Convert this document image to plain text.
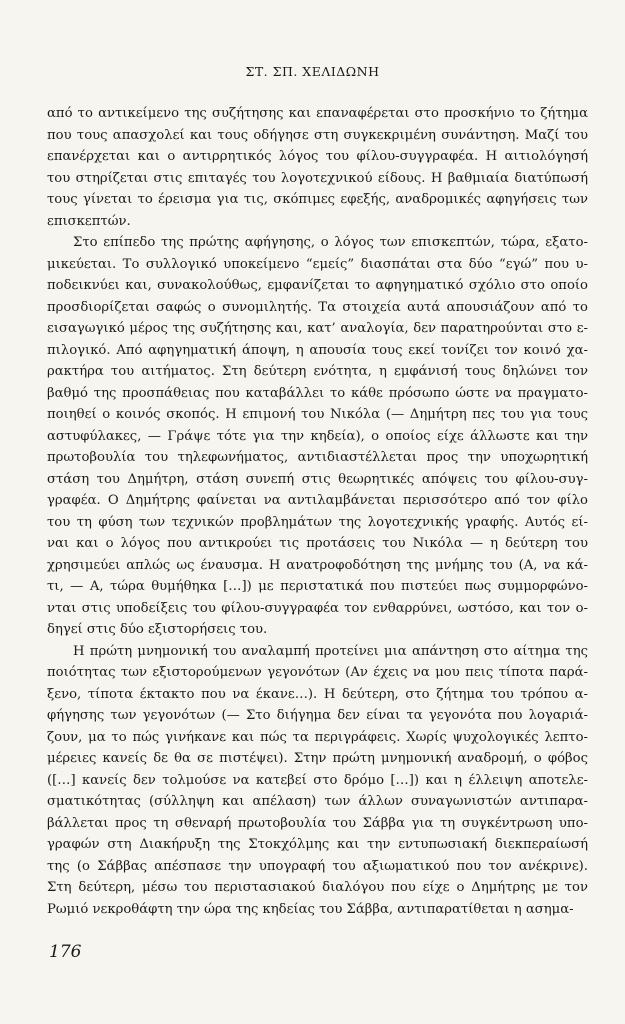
ΣΤ. ΣΠ. ΧΕΛΙΔΩΝΗ
από το αντικείμενο της συζήτησης και επαναφέρεται στο προσκήνιο το ζήτημα
που τους απασχολεί και τους οδήγησε στη συγκεκριμένη συνάντηση. Μαζί του
επανέρχεται και ο αντιρρητικός λόγος του φίλου-συγγραφέα. Η αιτιολόγησή
του στηρίζεται στις επιταγές του λογοτεχνικού είδους. Η βαθμιαία διατύπωσή
τους γίνεται το έρεισμα για τις, σκόπιμες εφεξής, αναδρομικές αφηγήσεις των
επισκεπτών.
Στο επίπεδο της πρώτης αφήγησης, ο λόγος των επισκεπτών, τώρα, εξατο-
μικεύεται. Το συλλογικό υποκείμενο “εμείς” διασπάται στα δύο “εγώ” που υ-
ποδεικνύει και, συνακολούθως, εμφανίζεται το αφηγηματικό σχόλιο στο οποίο
προσδιορίζεται σαφώς ο συνομιλητής. Τα στοιχεία αυτά απουσιάζουν από το
εισαγωγικό μέρος της συζήτησης και, κατ’ αναλογία, δεν παρατηρούνται στο ε-
πιλογικό. Από αφηγηματική άποψη, η απουσία τους εκεί τονίζει τον κοινό χα-
ρακτήρα του αιτήματος. Στη δεύτερη ενότητα, η εμφάνισή τους δηλώνει τον
βαθμό της προσπάθειας που καταβάλλει το κάθε πρόσωπο ώστε να πραγματο-
ποιηθεί ο κοινός σκοπός. Η επιμονή του Νικόλα (— Δημήτρη πες του για τους
αστυφύλακες, — Γράψε τότε για την κηδεία), ο οποίος είχε άλλωστε και την
πρωτοβουλία του τηλεφωνήματος, αντιδιαστέλλεται προς την υποχωρητική
στάση του Δημήτρη, στάση συνεπή στις θεωρητικές απόψεις του φίλου-συγ-
γραφέα. Ο Δημήτρης φαίνεται να αντιλαμβάνεται περισσότερο από τον φίλο
του τη φύση των τεχνικών προβλημάτων της λογοτεχνικής γραφής. Αυτός εί-
ναι και ο λόγος που αντικρούει τις προτάσεις του Νικόλα — η δεύτερη του
χρησιμεύει απλώς ως έναυσμα. Η ανατροφοδότηση της μνήμης του (Α, να κά-
τι, — Α, τώρα θυμήθηκα […]) με περιστατικά που πιστεύει πως συμμορφώνο-
νται στις υποδείξεις του φίλου-συγγραφέα τον ενθαρρύνει, ωστόσο, και τον ο-
δηγεί στις δύο εξιστορήσεις του.
Η πρώτη μνημονική του αναλαμπή προτείνει μια απάντηση στο αίτημα της
ποιότητας των εξιστορούμενων γεγονότων (Αν έχεις να μου πεις τίποτα παρά-
ξενο, τίποτα έκτακτο που να έκανε…). Η δεύτερη, στο ζήτημα του τρόπου α-
φήγησης των γεγονότων (— Στο διήγημα δεν είναι τα γεγονότα που λογαριά-
ζουν, μα το πώς γινήκανε και πώς τα περιγράφεις. Χωρίς ψυχολογικές λεπτο-
μέρειες κανείς δε θα σε πιστέψει). Στην πρώτη μνημονική αναδρομή, ο φόβος
([…] κανείς δεν τολμούσε να κατεβεί στο δρόμο […]) και η έλλειψη αποτελε-
σματικότητας (σύλληψη και απέλαση) των άλλων συναγωνιστών αντιπαρα-
βάλλεται προς τη σθεναρή πρωτοβουλία του Σάββα για τη συγκέντρωση υπο-
γραφών στη Διακήρυξη της Στοκχόλμης και την εντυπωσιακή διεκπεραίωσή
της (ο Σάββας απέσπασε την υπογραφή του αξιωματικού που τον ανέκρινε).
Στη δεύτερη, μέσω του περιστασιακού διαλόγου που είχε ο Δημήτρης με τον
Ρωμιό νεκροθάφτη την ώρα της κηδείας του Σάββα, αντιπαρατίθεται η ασημα-
176
